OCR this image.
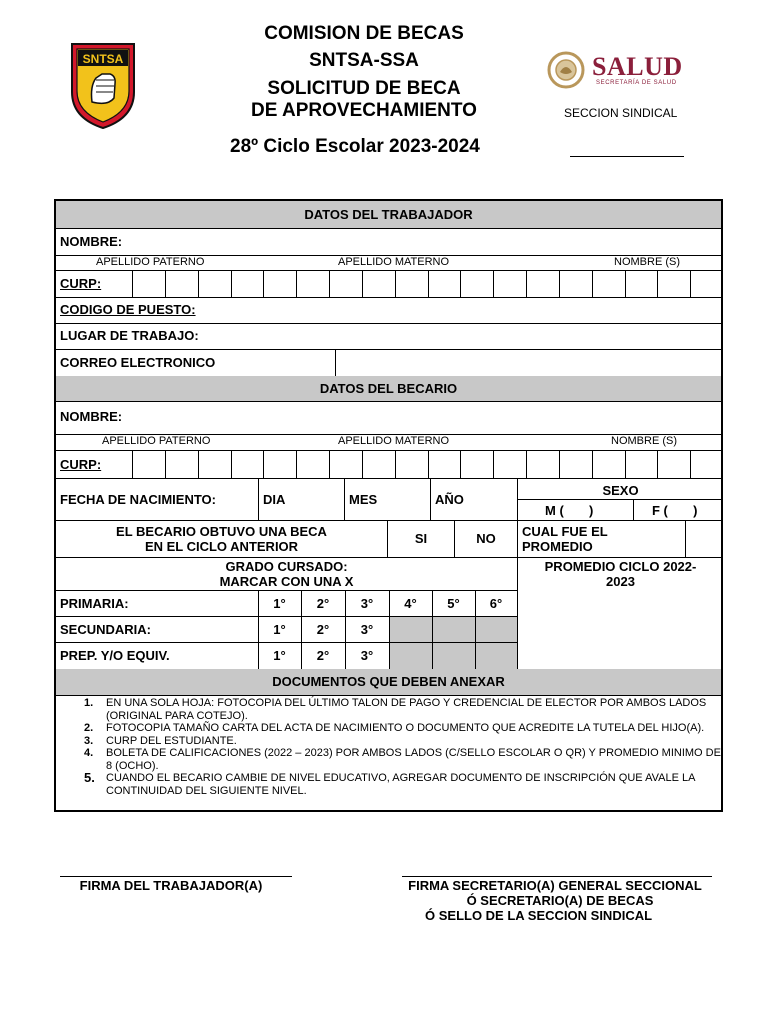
SNTSA
COMISION DE BECAS
SNTSA-SSA
SOLICITUD DE BECA
DE APROVECHAMIENTO
28º Ciclo Escolar 2023-2024
SALUD
SECRETARÍA DE SALUD
SECCION SINDICAL
DATOS DEL TRABAJADOR
NOMBRE:
APELLIDO PATERNO	APELLIDO MATERNO	NOMBRE (S)
CURP:
CODIGO DE PUESTO:
LUGAR DE TRABAJO:
CORREO ELECTRONICO
DATOS DEL BECARIO
NOMBRE:
APELLIDO PATERNO	APELLIDO MATERNO	NOMBRE (S)
CURP:
FECHA DE NACIMIENTO:	DIA	MES	AÑO
SEXO
M (       )	F (       )
EL BECARIO OBTUVO UNA BECA
EN EL CICLO ANTERIOR
SI	NO	CUAL FUE EL
PROMEDIO
GRADO CURSADO:
MARCAR CON UNA X
PROMEDIO CICLO 2022-
2023
PRIMARIA:	1°	2°	3°	4°	5°	6°
SECUNDARIA:	1°	2°	3°
PREP. Y/O EQUIV.	1°	2°	3°
DOCUMENTOS QUE DEBEN ANEXAR
1. EN UNA SOLA HOJA: FOTOCOPIA DEL ÚLTIMO TALON DE PAGO Y CREDENCIAL DE ELECTOR POR AMBOS LADOS (ORIGINAL PARA COTEJO).
2. FOTOCOPIA TAMAÑO CARTA DEL ACTA DE NACIMIENTO O DOCUMENTO QUE ACREDITE LA TUTELA DEL HIJO(A).
3. CURP DEL ESTUDIANTE.
4. BOLETA DE CALIFICACIONES (2022 – 2023) POR AMBOS LADOS (C/SELLO ESCOLAR O QR) Y PROMEDIO MINIMO DE 8 (OCHO).
5. CUANDO EL BECARIO CAMBIE DE NIVEL EDUCATIVO, AGREGAR DOCUMENTO DE INSCRIPCIÓN QUE AVALE LA CONTINUIDAD DEL SIGUIENTE NIVEL.
FIRMA DEL TRABAJADOR(A)	FIRMA SECRETARIO(A) GENERAL SECCIONAL
Ó SECRETARIO(A) DE BECAS
Ó SELLO DE LA SECCION SINDICAL
